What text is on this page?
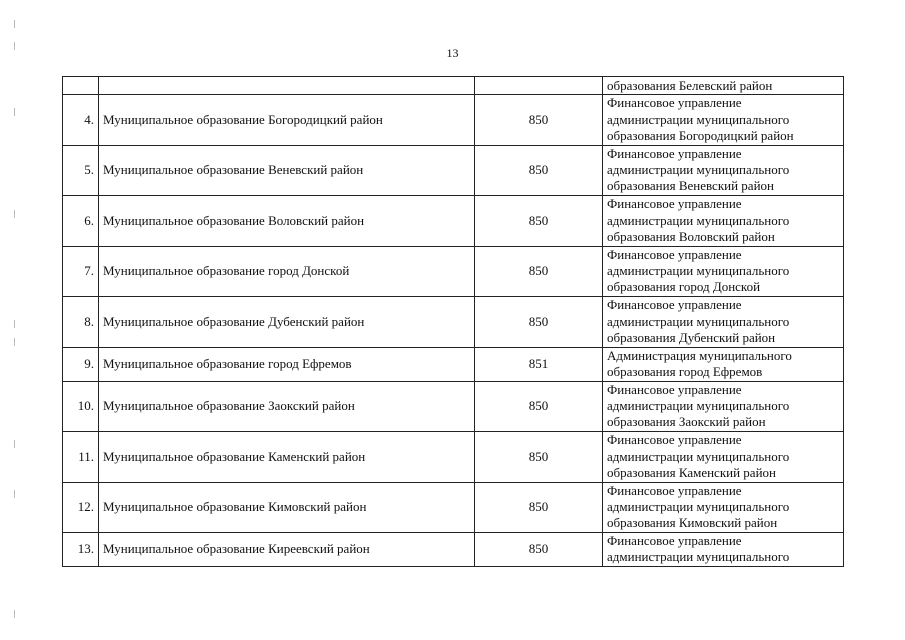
13

			образования Белевский район

4.	Муниципальное образование Богородицкий район	850	Финансовое управление
администрации муниципального
образования Богородицкий район

5.	Муниципальное образование Веневский район	850	Финансовое управление
администрации муниципального
образования Веневский район

6.	Муниципальное образование Воловский район	850	Финансовое управление
администрации муниципального
образования Воловский район

7.	Муниципальное образование город Донской	850	Финансовое управление
администрации муниципального
образования город Донской

8.	Муниципальное образование Дубенский район	850	Финансовое управление
администрации муниципального
образования Дубенский район

9.	Муниципальное образование город Ефремов	851	Администрация муниципального
образования город Ефремов

10.	Муниципальное образование Заокский район	850	Финансовое управление
администрации муниципального
образования Заокский район

11.	Муниципальное образование Каменский район	850	Финансовое управление
администрации муниципального
образования Каменский район

12.	Муниципальное образование Кимовский район	850	Финансовое управление
администрации муниципального
образования Кимовский район

13.	Муниципальное образование Киреевский район	850	Финансовое управление
администрации муниципального
